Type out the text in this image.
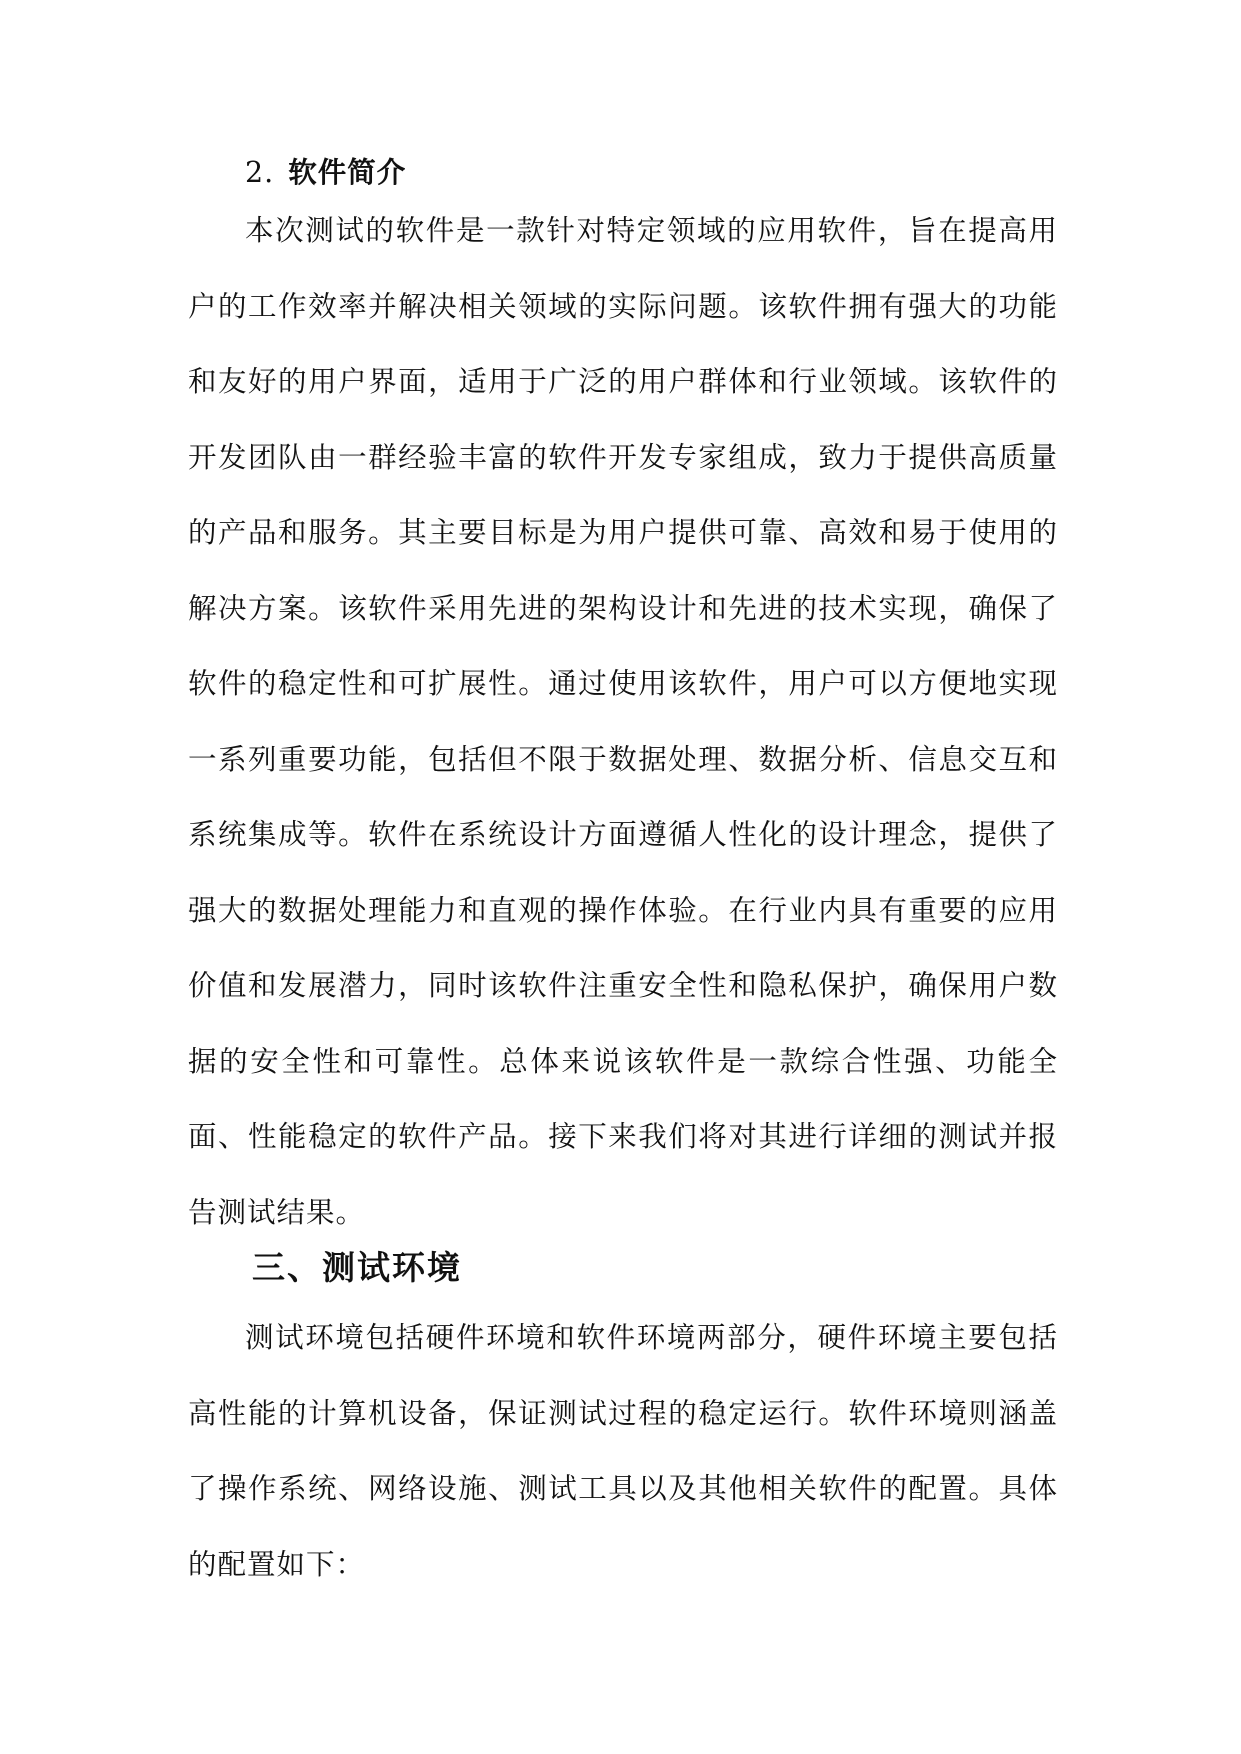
2. 软件简介

本次测试的软件是一款针对特定领域的应用软件，旨在提高用户的工作效率并解决相关领域的实际问题。该软件拥有强大的功能和友好的用户界面，适用于广泛的用户群体和行业领域。该软件的开发团队由一群经验丰富的软件开发专家组成，致力于提供高质量的产品和服务。其主要目标是为用户提供可靠、高效和易于使用的解决方案。该软件采用先进的架构设计和先进的技术实现，确保了软件的稳定性和可扩展性。通过使用该软件，用户可以方便地实现一系列重要功能，包括但不限于数据处理、数据分析、信息交互和系统集成等。软件在系统设计方面遵循人性化的设计理念，提供了强大的数据处理能力和直观的操作体验。在行业内具有重要的应用价值和发展潜力，同时该软件注重安全性和隐私保护，确保用户数据的安全性和可靠性。总体来说该软件是一款综合性强、功能全面、性能稳定的软件产品。接下来我们将对其进行详细的测试并报告测试结果。

三、测试环境

测试环境包括硬件环境和软件环境两部分，硬件环境主要包括高性能的计算机设备，保证测试过程的稳定运行。软件环境则涵盖了操作系统、网络设施、测试工具以及其他相关软件的配置。具体的配置如下：
